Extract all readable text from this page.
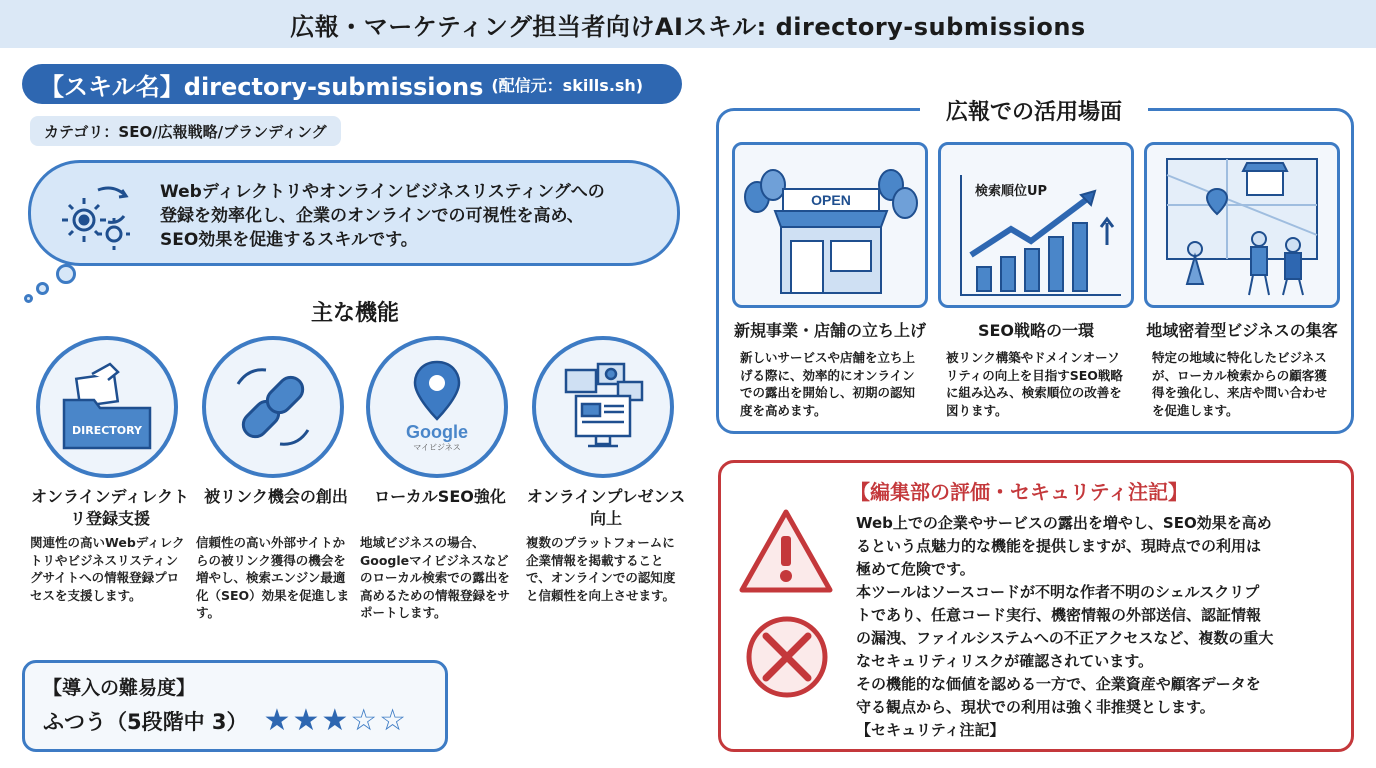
広報・マーケティング担当者向けAIスキル: directory-submissions
【スキル名】directory-submissions (配信元：skills.sh)
カテゴリ：SEO/広報戦略/ブランディング
Webディレクトリやオンラインビジネスリスティングへの
登録を効率化し、企業のオンラインでの可視性を高め、
SEO効果を促進するスキルです。
主な機能
DIRECTORY
オンラインディレクトリ登録支援
関連性の高いWebディレクトリやビジネスリスティングサイトへの情報登録プロセスを支援します。
被リンク機会の創出
信頼性の高い外部サイトからの被リンク獲得の機会を増やし、検索エンジン最適化（SEO）効果を促進します。
Google
マイビジネス
ローカルSEO強化
地域ビジネスの場合、Googleマイビジネスなどのローカル検索での露出を高めるための情報登録をサポートします。
オンラインプレゼンス向上
複数のプラットフォームに企業情報を掲載することで、オンラインでの認知度と信頼性を向上させます。
【導入の難易度】
ふつう（5段階中 3） ★ ★ ★ ☆ ☆
広報での活用場面
OPEN
新規事業・店舗の立ち上げ
新しいサービスや店舗を立ち上げる際に、効率的にオンラインでの露出を開始し、初期の認知度を高めます。
検索順位UP
SEO戦略の一環
被リンク構築やドメインオーソリティの向上を目指すSEO戦略に組み込み、検索順位の改善を図ります。
地域密着型ビジネスの集客
特定の地域に特化したビジネスが、ローカル検索からの顧客獲得を強化し、来店や問い合わせを促進します。
【編集部の評価・セキュリティ注記】
Web上での企業やサービスの露出を増やし、SEO効果を高め
るという点魅力的な機能を提供しますが、現時点での利用は
極めて危険です。
本ツールはソースコードが不明な作者不明のシェルスクリプ
トであり、任意コード実行、機密情報の外部送信、認証情報
の漏洩、ファイルシステムへの不正アクセスなど、複数の重大
なセキュリティリスクが確認されています。
その機能的な価値を認める一方で、企業資産や顧客データを
守る観点から、現状での利用は強く非推奨とします。
【セキュリティ注記】
